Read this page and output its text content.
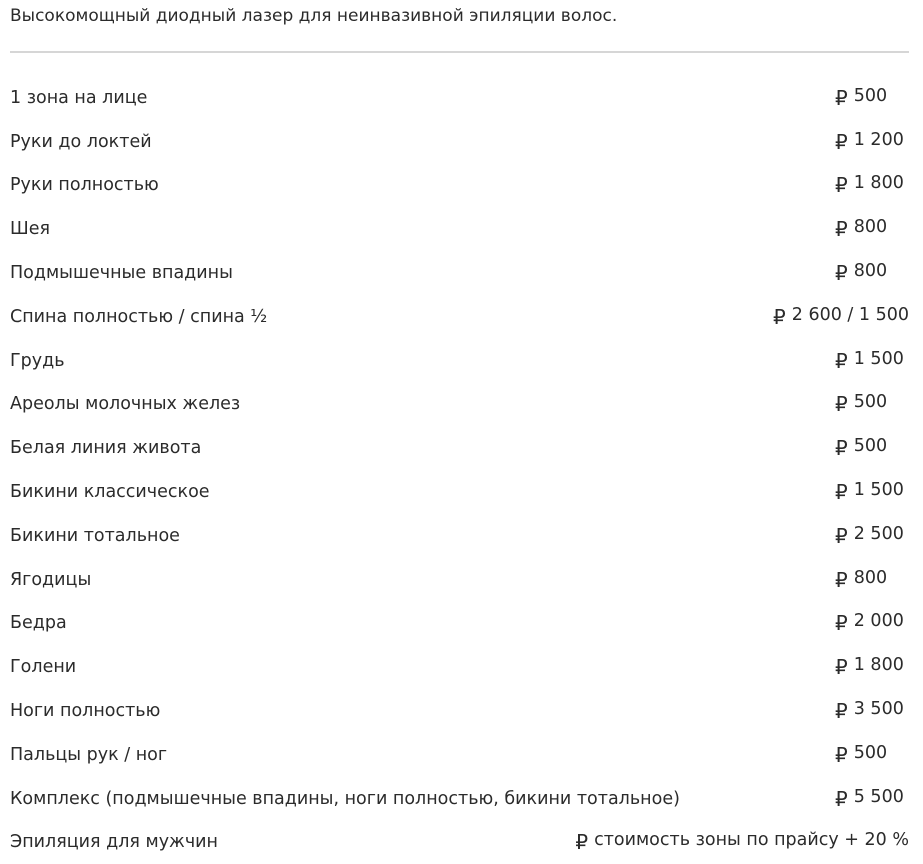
Высокомощный диодный лазер для неинвазивной эпиляции волос.
1 зона на лице	₽ 500
Руки до локтей	₽ 1 200
Руки полностью	₽ 1 800
Шея	₽ 800
Подмышечные впадины	₽ 800
Спина полностью / спина ½	₽ 2 600 / 1 500
Грудь	₽ 1 500
Ареолы молочных желез	₽ 500
Белая линия живота	₽ 500
Бикини классическое	₽ 1 500
Бикини тотальное	₽ 2 500
Ягодицы	₽ 800
Бедра	₽ 2 000
Голени	₽ 1 800
Ноги полностью	₽ 3 500
Пальцы рук / ног	₽ 500
Комплекс (подмышечные впадины, ноги полностью, бикини тотальное)	₽ 5 500
Эпиляция для мужчин	₽ стоимость зоны по прайсу + 20 %
